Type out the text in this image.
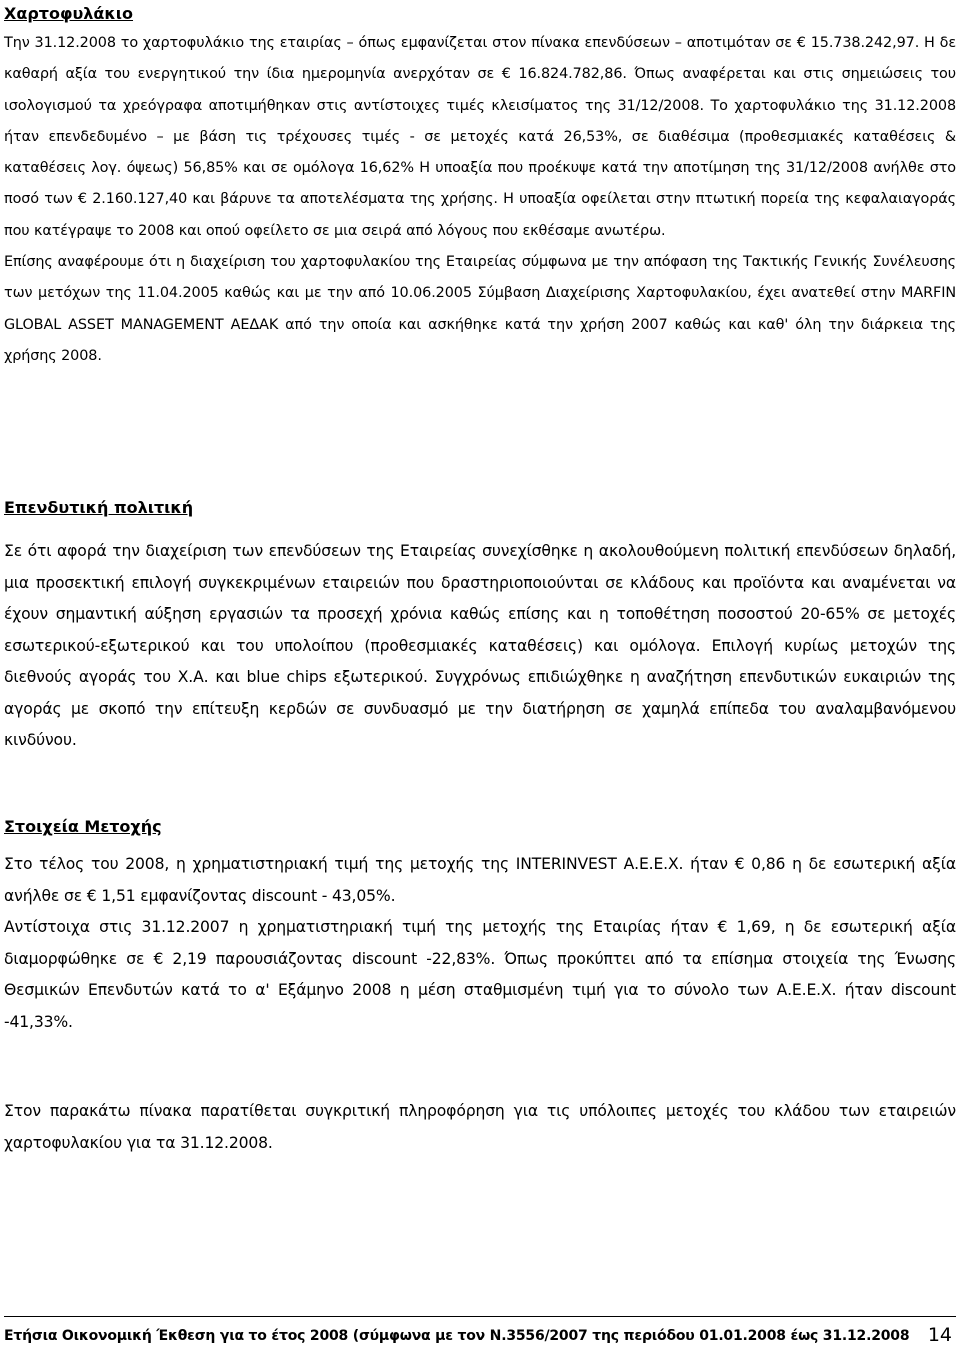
Χαρτοφυλάκιο

Την 31.12.2008 το χαρτοφυλάκιο της εταιρίας – όπως εμφανίζεται στον πίνακα επενδύσεων – αποτιμόταν σε € 15.738.242,97. Η δε καθαρή αξία του ενεργητικού την ίδια ημερομηνία ανερχόταν σε € 16.824.782,86. Όπως αναφέρεται και στις σημειώσεις του ισολογισμού τα χρεόγραφα αποτιμήθηκαν στις αντίστοιχες τιμές κλεισίματος της 31/12/2008. Το χαρτοφυλάκιο της 31.12.2008 ήταν επενδεδυμένο – με βάση τις τρέχουσες τιμές - σε μετοχές κατά 26,53%, σε διαθέσιμα (προθεσμιακές καταθέσεις & καταθέσεις λογ. όψεως) 56,85% και σε ομόλογα 16,62% Η υποαξία που προέκυψε κατά την αποτίμηση της 31/12/2008 ανήλθε στο ποσό των € 2.160.127,40 και βάρυνε τα αποτελέσματα της χρήσης. Η υποαξία οφείλεται στην πτωτική πορεία της κεφαλαιαγοράς που κατέγραψε το 2008 και οπού οφείλετο σε μια σειρά από λόγους που εκθέσαμε ανωτέρω.

Επίσης αναφέρουμε ότι η διαχείριση του χαρτοφυλακίου της Εταιρείας σύμφωνα με την απόφαση της Τακτικής Γενικής Συνέλευσης των μετόχων της 11.04.2005 καθώς και με την από 10.06.2005 Σύμβαση Διαχείρισης Χαρτοφυλακίου, έχει ανατεθεί στην MARFIN GLOBAL ASSET MANAGEMENT ΑΕΔΑΚ από την οποία και ασκήθηκε κατά την χρήση 2007 καθώς και καθ' όλη την διάρκεια της χρήσης 2008.

Επενδυτική πολιτική

Σε ότι αφορά την διαχείριση των επενδύσεων της Εταιρείας συνεχίσθηκε η ακολουθούμενη πολιτική επενδύσεων δηλαδή, μια προσεκτική επιλογή συγκεκριμένων εταιρειών που δραστηριοποιούνται σε κλάδους και προϊόντα και αναμένεται να έχουν σημαντική αύξηση εργασιών τα προσεχή χρόνια καθώς επίσης και η τοποθέτηση ποσοστού 20-65% σε μετοχές εσωτερικού-εξωτερικού και του υπολοίπου (προθεσμιακές καταθέσεις) και ομόλογα. Επιλογή κυρίως μετοχών της διεθνούς αγοράς του Χ.Α. και blue chips εξωτερικού. Συγχρόνως επιδιώχθηκε η αναζήτηση επενδυτικών ευκαιριών της αγοράς με σκοπό την επίτευξη κερδών σε συνδυασμό με την διατήρηση σε χαμηλά επίπεδα του αναλαμβανόμενου κινδύνου.

Στοιχεία Μετοχής

Στο τέλος του 2008, η χρηματιστηριακή τιμή της μετοχής της INTERINVEST Α.Ε.Ε.Χ. ήταν € 0,86 η δε εσωτερική αξία ανήλθε σε € 1,51 εμφανίζοντας discount - 43,05%.

Αντίστοιχα στις 31.12.2007 η χρηματιστηριακή τιμή της μετοχής της Εταιρίας ήταν € 1,69, η δε εσωτερική αξία διαμορφώθηκε σε € 2,19 παρουσιάζοντας discount -22,83%. Όπως προκύπτει από τα επίσημα στοιχεία της Ένωσης Θεσμικών Επενδυτών κατά το α' Εξάμηνο 2008 η μέση σταθμισμένη τιμή για το σύνολο των Α.Ε.Ε.Χ. ήταν discount -41,33%.

Στον παρακάτω πίνακα παρατίθεται συγκριτική πληροφόρηση για τις υπόλοιπες μετοχές του κλάδου των εταιρειών χαρτοφυλακίου για τα 31.12.2008.

Ετήσια Οικονομική Έκθεση για το έτος 2008 (σύμφωνα με τον Ν.3556/2007 της περιόδου 01.01.2008 έως 31.12.2008 14
